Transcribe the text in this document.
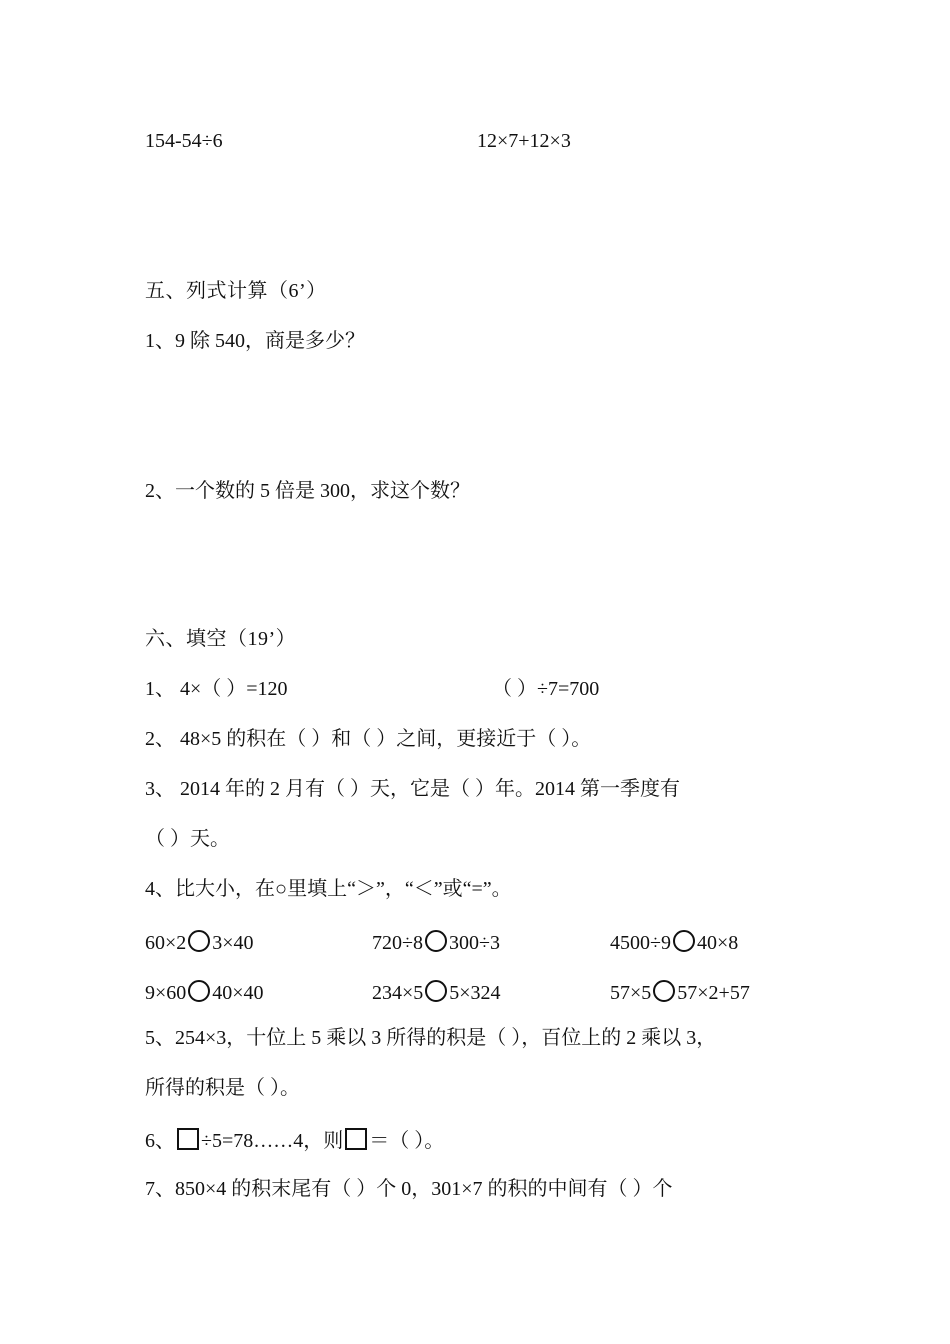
154-54÷6	12×7+12×3
五、列式计算（6’）
1、9 除 540，商是多少？
2、一个数的 5 倍是 300，求这个数？
六、填空（19’）
1、 4×（ ）=120	（ ）÷7=700
2、 48×5 的积在（ ）和（ ）之间，更接近于（ ）。
3、 2014 年的 2 月有（ ）天，它是（ ）年。2014 第一季度有
（ ）天。
4、比大小，在○里填上“＞”，“＜”或“=”。
60×2 3×40	720÷8 300÷3	4500÷9 40×8
9×60 40×40	234×5 5×324	57×5 57×2+57
5、254×3，十位上 5 乘以 3 所得的积是（ ），百位上的 2 乘以 3，
所得的积是（ ）。
6、 ÷5=78……4，则 ＝（ ）。
7、850×4 的积末尾有（ ）个 0，301×7 的积的中间有（ ）个
